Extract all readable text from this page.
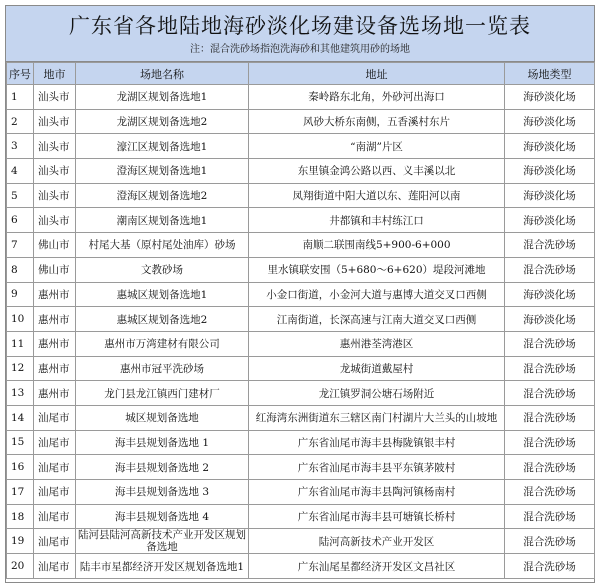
广东省各地陆地海砂淡化场建设备选场地一览表
注：混合洗砂场指泡洗海砂和其他建筑用砂的场地
序号	地市	场地名称	地址	场地类型
1	汕头市	龙湖区规划备选地1	秦岭路东北角，外砂河出海口	海砂淡化场
2	汕头市	龙湖区规划备选地2	风砂大桥东南侧，五香溪村东片	海砂淡化场
3	汕头市	濠江区规划备选地1	“南湖”片区	海砂淡化场
4	汕头市	澄海区规划备选地1	东里镇金鸿公路以西、义丰溪以北	海砂淡化场
5	汕头市	澄海区规划备选地2	凤翔街道中阳大道以东、莲阳河以南	海砂淡化场
6	汕头市	潮南区规划备选地1	井都镇和丰村练江口	海砂淡化场
7	佛山市	村尾大基（原村尾处油库）砂场	南顺二联围南线5+900-6+000	混合洗砂场
8	佛山市	文教砂场	里水镇联安围（5+680～6+620）堤段河滩地	混合洗砂场
9	惠州市	惠城区规划备选地1	小金口街道，小金河大道与惠博大道交叉口西侧	海砂淡化场
10	惠州市	惠城区规划备选地2	江南街道，长深高速与江南大道交叉口西侧	海砂淡化场
11	惠州市	惠州市万湾建材有限公司	惠州港荃湾港区	混合洗砂场
12	惠州市	惠州市冠平洗砂场	龙城街道戴屋村	混合洗砂场
13	惠州市	龙门县龙江镇西门建材厂	龙江镇罗洞公塘石场附近	混合洗砂场
14	汕尾市	城区规划备选地	红海湾东洲街道东三辖区南门村湖片大兰头的山坡地	混合洗砂场
15	汕尾市	海丰县规划备选地 1	广东省汕尾市海丰县梅陇镇银丰村	混合洗砂场
16	汕尾市	海丰县规划备选地 2	广东省汕尾市海丰县平东镇茅陂村	混合洗砂场
17	汕尾市	海丰县规划备选地 3	广东省汕尾市海丰县陶河镇杨南村	混合洗砂场
18	汕尾市	海丰县规划备选地 4	广东省汕尾市海丰县可塘镇长桥村	混合洗砂场
19	汕尾市	陆河县陆河高新技术产业开发区规划备选地	陆河高新技术产业开发区	混合洗砂场
20	汕尾市	陆丰市星都经济开发区规划备选地1	广东汕尾星都经济开发区文昌社区	混合洗砂场
